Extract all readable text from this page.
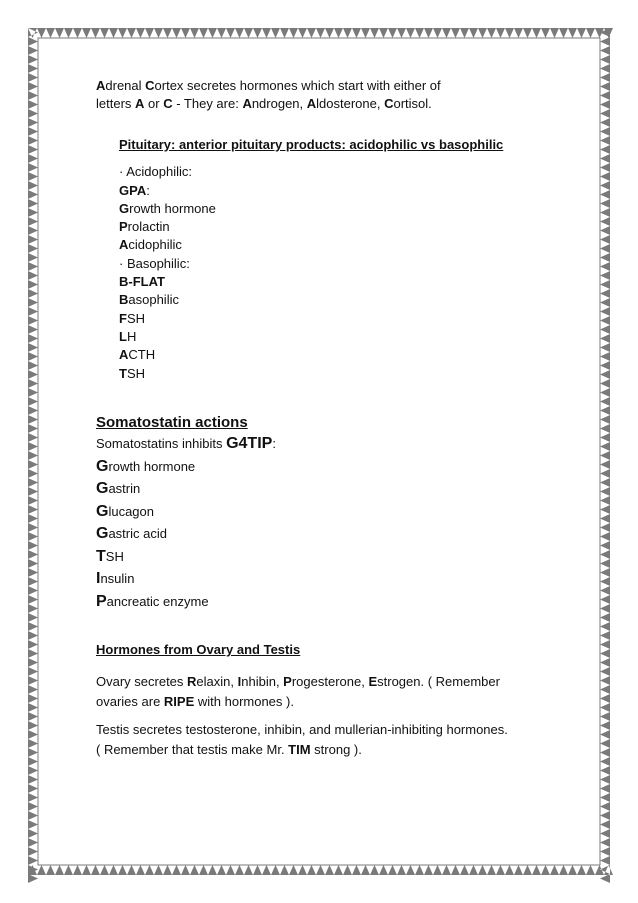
Adrenal Cortex secretes hormones which start with either of

letters A or C - They are: Androgen, Aldosterone, Cortisol.

Pituitary: anterior pituitary products: acidophilic vs basophilic
· Acidophilic:
GPA:
Growth hormone
Prolactin
Acidophilic
· Basophilic:
B-FLAT
Basophilic
FSH
LH
ACTH
TSH
Somatostatin actions
Somatostatins inhibits G4TIP:
Growth hormone
Gastrin
Glucagon
Gastric acid
TSH
Insulin
Pancreatic enzyme
Hormones from Ovary and Testis

Ovary secretes Relaxin, Inhibin, Progesterone, Estrogen. ( Remember

ovaries are RIPE with hormones ).

Testis secretes testosterone, inhibin, and mullerian-inhibiting hormones.

( Remember that testis make Mr. TIM strong ).
